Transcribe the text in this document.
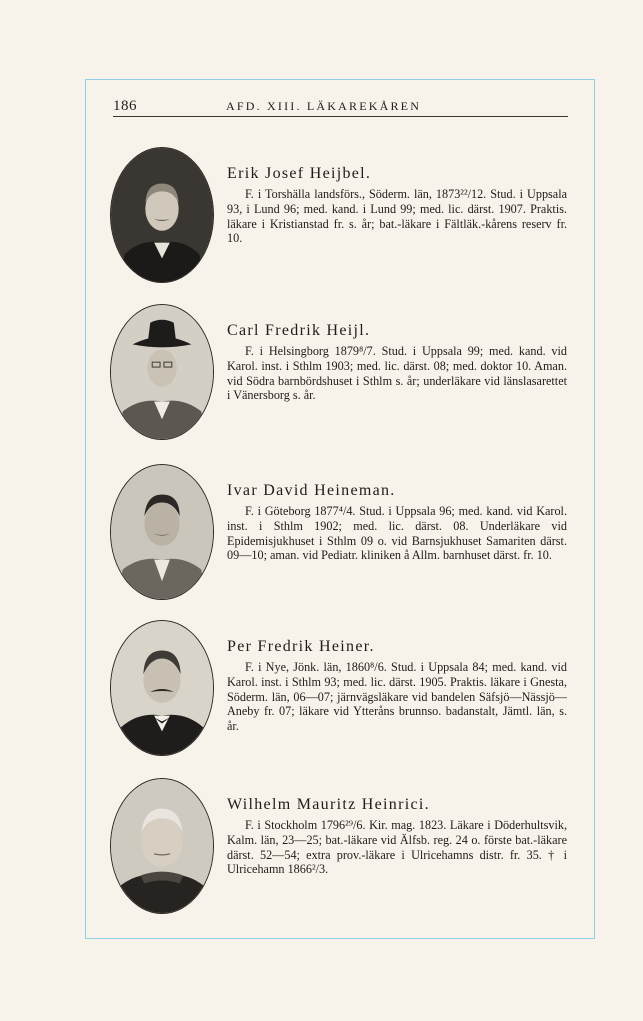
186	AFD. XIII. LÄKAREKÅREN

Erik Josef Heijbel.

F. i Torshälla landsförs., Söderm. län, 1873²²/12. Stud. i Uppsala 93, i Lund 96; med. kand. i Lund 99; med. lic. därst. 1907. Praktis. läkare i Kristianstad fr. s. år; bat.-läkare i Fältläk.-kårens reserv fr. 10.

Carl Fredrik Heijl.

F. i Helsingborg 1879⁸/7. Stud. i Uppsala 99; med. kand. vid Karol. inst. i Sthlm 1903; med. lic. därst. 08; med. doktor 10. Aman. vid Södra barnbördshuset i Sthlm s. år; underläkare vid länslasarettet i Vänersborg s. år.

Ivar David Heineman.

F. i Göteborg 1877⁴/4. Stud. i Uppsala 96; med. kand. vid Karol. inst. i Sthlm 1902; med. lic. därst. 08. Underläkare vid Epidemisjukhuset i Sthlm 09 o. vid Barnsjukhuset Samariten därst. 09—10; aman. vid Pediatr. kliniken å Allm. barnhuset därst. fr. 10.

Per Fredrik Heiner.

F. i Nye, Jönk. län, 1860⁸/6. Stud. i Uppsala 84; med. kand. vid Karol. inst. i Sthlm 93; med. lic. därst. 1905. Praktis. läkare i Gnesta, Söderm. län, 06—07; järnvägsläkare vid bandelen Säfsjö—Nässjö—Aneby fr. 07; läkare vid Ytteråns brunnso. badanstalt, Jämtl. län, s. år.

Wilhelm Mauritz Heinrici.

F. i Stockholm 1796²⁹/6. Kir. mag. 1823. Läkare i Döderhultsvik, Kalm. län, 23—25; bat.-läkare vid Älfsb. reg. 24 o. förste bat.-läkare därst. 52—54; extra prov.-läkare i Ulricehamns distr. fr. 35. † i Ulricehamn 1866²/3.
